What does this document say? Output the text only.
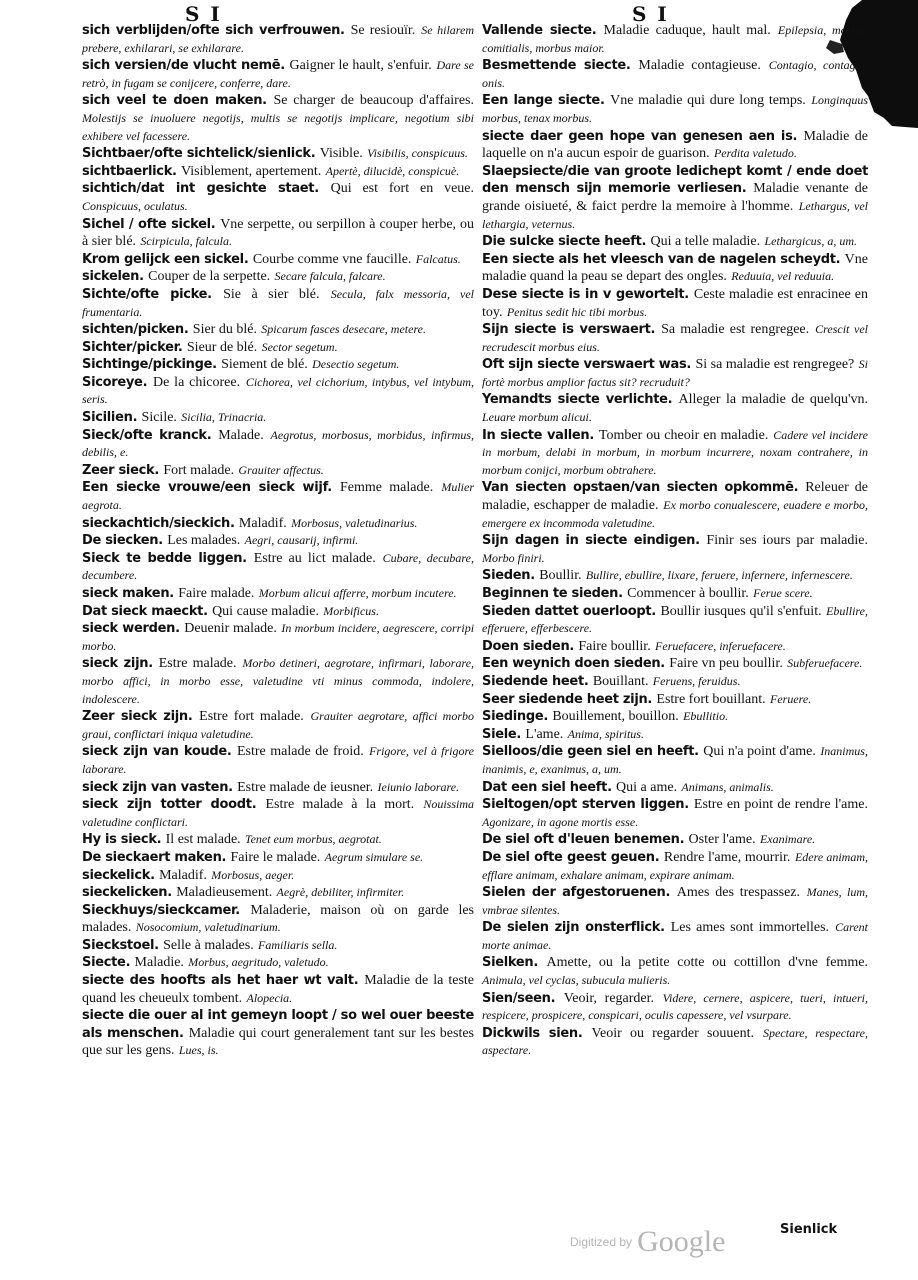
S I	S I

sich verblijden/ofte sich verfrouwen. Se resiouïr. Se hilarem prebere, exhilarari, se exhilarare.

sich versien/de vlucht nemē. Gaigner le hault, s'enfuir. Dare se retrò, in fugam se conijcere, conferre, dare.

sich veel te doen maken. Se charger de beaucoup d'affaires. Molestijs se inuoluere negotijs, multis se negotijs implicare, negotium sibi exhibere vel facessere.

Sichtbaer/ofte sichtelick/sienlick. Visible. Visibilis, conspicuus.

sichtbaerlick. Visiblement, apertement. Apertè, dilucidè, conspicuè.

sichtich/dat int gesichte staet. Qui est fort en veue. Conspicuus, oculatus.

Sichel / ofte sickel. Vne serpette, ou serpillon à couper herbe, ou à sier blé. Scirpicula, falcula.

Krom gelijck een sickel. Courbe comme vne faucille. Falcatus.

sickelen. Couper de la serpette. Secare falcula, falcare.

Sichte/ofte picke. Sie à sier blé. Secula, falx messoria, vel frumentaria.

sichten/picken. Sier du blé. Spicarum fasces desecare, metere.

Sichter/picker. Sieur de blé. Sector segetum.

Sichtinge/pickinge. Siement de blé. Desectio segetum.

Sicoreye. De la chicoree. Cichorea, vel cichorium, intybus, vel intybum, seris.

Sicilien. Sicile. Sicilia, Trinacria.

Sieck/ofte kranck. Malade. Aegrotus, morbosus, morbidus, infirmus, debilis, e.

Zeer sieck. Fort malade. Grauiter affectus.

Een siecke vrouwe/een sieck wijf. Femme malade. Mulier aegrota.

sieckachtich/sieckich. Maladif. Morbosus, valetudinarius.

De siecken. Les malades. Aegri, causarij, infirmi.

Sieck te bedde liggen. Estre au lict malade. Cubare, decubare, decumbere.

sieck maken. Faire malade. Morbum alicui afferre, morbum incutere.

Dat sieck maeckt. Qui cause maladie. Morbificus.

sieck werden. Deuenir malade. In morbum incidere, aegrescere, corripi morbo.

sieck zijn. Estre malade. Morbo detineri, aegrotare, infirmari, laborare, morbo affici, in morbo esse, valetudine vti minus commoda, indolere, indolescere.

Zeer sieck zijn. Estre fort malade. Grauiter aegrotare, affici morbo graui, conflictari iniqua valetudine.

sieck zijn van koude. Estre malade de froid. Frigore, vel à frigore laborare.

sieck zijn van vasten. Estre malade de ieusner. Ieiunio laborare.

sieck zijn totter doodt. Estre malade à la mort. Nouissima valetudine conflictari.

Hy is sieck. Il est malade. Tenet eum morbus, aegrotat.

De sieckaert maken. Faire le malade. Aegrum simulare se.

sieckelick. Maladif. Morbosus, aeger.

sieckelicken. Maladieusement. Aegrè, debiliter, infirmiter.

Sieckhuys/sieckcamer. Maladerie, maison où on garde les malades. Nosocomium, valetudinarium.

Sieckstoel. Selle à malades. Familiaris sella.

Siecte. Maladie. Morbus, aegritudo, valetudo.

siecte des hoofts als het haer wt valt. Maladie de la teste quand les cheueulx tombent. Alopecia.

siecte die ouer al int gemeyn loopt / so wel ouer beeste als menschen. Maladie qui court generalement tant sur les bestes que sur les gens. Lues, is.

Vallende siecte. Maladie caduque, hault mal. Epilepsia, morbus comitialis, morbus maior.

Besmettende siecte. Maladie contagieuse. Contagio, contagia, onis.

Een lange siecte. Vne maladie qui dure long temps. Longinquus morbus, tenax morbus.

siecte daer geen hope van genesen aen is. Maladie de laquelle on n'a aucun espoir de guarison. Perdita valetudo.

Slaepsiecte/die van groote ledichept komt / ende doet den mensch sijn memorie verliesen. Maladie venante de grande oisiueté, & faict perdre la memoire à l'homme. Lethargus, vel lethargia, veternus.

Die sulcke siecte heeft. Qui a telle maladie. Lethargicus, a, um.

Een siecte als het vleesch van de nagelen scheydt. Vne maladie quand la peau se depart des ongles. Reduuia, vel reduuia.

Dese siecte is in v gewortelt. Ceste maladie est enracinee en toy. Penitus sedit hic tibi morbus.

Sijn siecte is verswaert. Sa maladie est rengregee. Crescit vel recrudescit morbus eius.

Oft sijn siecte verswaert was. Si sa maladie est rengregee? Si fortè morbus amplior factus sit? recruduit?

Yemandts siecte verlichte. Alleger la maladie de quelqu'vn. Leuare morbum alicui.

In siecte vallen. Tomber ou cheoir en maladie. Cadere vel incidere in morbum, delabi in morbum, in morbum incurrere, noxam contrahere, in morbum conijci, morbum obtrahere.

Van siecten opstaen/van siecten opkommē. Releuer de maladie, eschapper de maladie. Ex morbo conualescere, euadere e morbo, emergere ex incommoda valetudine.

Sijn dagen in siecte eindigen. Finir ses iours par maladie. Morbo finiri.

Sieden. Boullir. Bullire, ebullire, lixare, feruere, infernere, infernescere.

Beginnen te sieden. Commencer à boullir. Ferue scere.

Sieden dattet ouerloopt. Boullir iusques qu'il s'enfuit. Ebullire, efferuere, efferbescere.

Doen sieden. Faire boullir. Feruefacere, inferuefacere.

Een weynich doen sieden. Faire vn peu boullir. Subferuefacere.

Siedende heet. Bouillant. Feruens, feruidus.

Seer siedende heet zijn. Estre fort bouillant. Feruere.

Siedinge. Bouillement, bouillon. Ebullitio.

Siele. L'ame. Anima, spiritus.

Sielloos/die geen siel en heeft. Qui n'a point d'ame. Inanimus, inanimis, e, exanimus, a, um.

Dat een siel heeft. Qui a ame. Animans, animalis.

Sieltogen/opt sterven liggen. Estre en point de rendre l'ame. Agonizare, in agone mortis esse.

De siel oft d'leuen benemen. Oster l'ame. Exanimare.

De siel ofte geest geuen. Rendre l'ame, mourrir. Edere animam, efflare animam, exhalare animam, expirare animam.

Sielen der afgestoruenen. Ames des trespassez. Manes, lum, vmbrae silentes.

De sielen zijn onsterflick. Les ames sont immortelles. Carent morte animae.

Sielken. Amette, ou la petite cotte ou cottillon d'vne femme. Animula, vel cyclas, subucula mulieris.

Sien/seen. Veoir, regarder. Videre, cernere, aspicere, tueri, intueri, respicere, prospicere, conspicari, oculis capessere, vel vsurpare.

Dickwils sien. Veoir ou regarder souuent. Spectare, respectare, aspectare.

Digitized by Google	Sienlick
